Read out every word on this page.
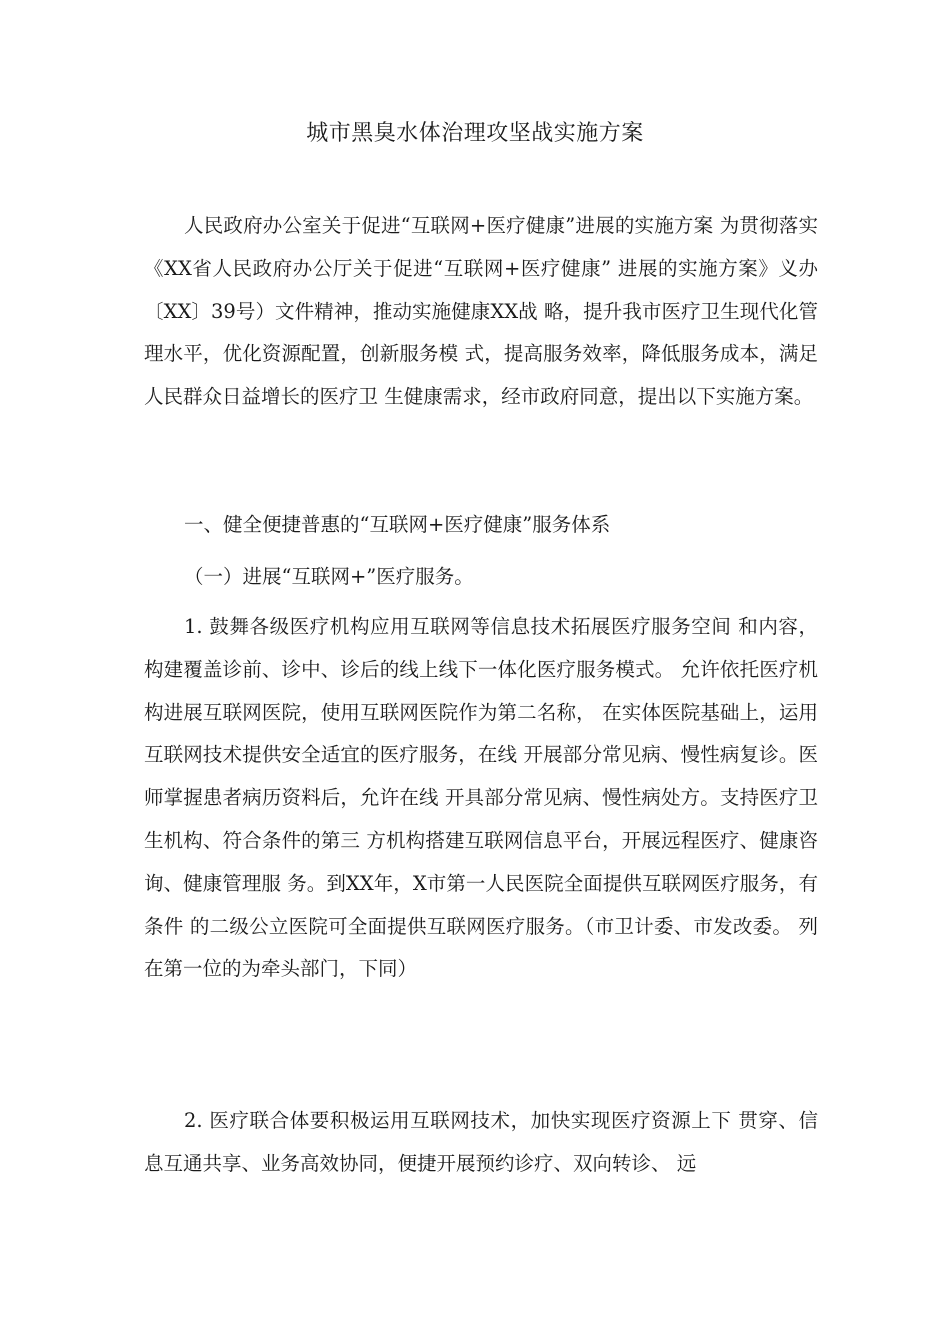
城市黑臭水体治理攻坚战实施方案

人民政府办公室关于促进“互联网+医疗健康”进展的实施方案 为贯彻落实《XX省人民政府办公厅关于促进“互联网+医疗健康” 进展的实施方案》义办〔XX〕39号）文件精神，推动实施健康XX战 略，提升我市医疗卫生现代化管理水平，优化资源配置，创新服务模 式，提高服务效率，降低服务成本，满足人民群众日益增长的医疗卫 生健康需求，经市政府同意，提出以下实施方案。

一、健全便捷普惠的“互联网+医疗健康”服务体系

（一）进展“互联网+”医疗服务。

1. 鼓舞各级医疗机构应用互联网等信息技术拓展医疗服务空间 和内容，构建覆盖诊前、诊中、诊后的线上线下一体化医疗服务模式。 允许依托医疗机构进展互联网医院，使用互联网医院作为第二名称， 在实体医院基础上，运用互联网技术提供安全适宜的医疗服务，在线 开展部分常见病、慢性病复诊。医师掌握患者病历资料后，允许在线 开具部分常见病、慢性病处方。支持医疗卫生机构、符合条件的第三 方机构搭建互联网信息平台，开展远程医疗、健康咨询、健康管理服 务。到XX年，X市第一人民医院全面提供互联网医疗服务，有条件 的二级公立医院可全面提供互联网医疗服务。（市卫计委、市发改委。 列在第一位的为牵头部门，下同）

2. 医疗联合体要积极运用互联网技术，加快实现医疗资源上下 贯穿、信息互通共享、业务高效协同，便捷开展预约诊疗、双向转诊、 远
